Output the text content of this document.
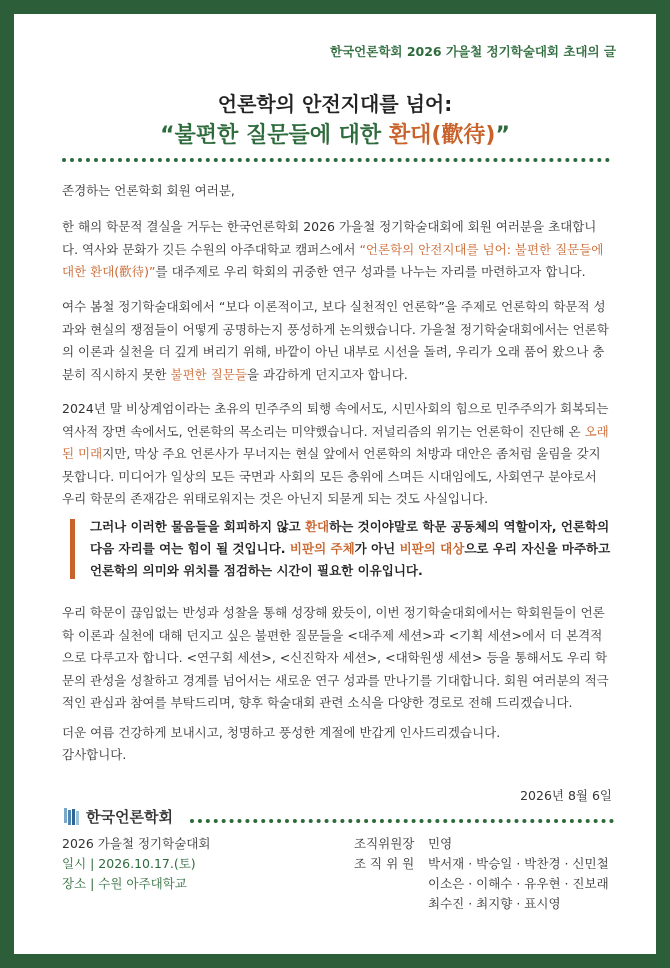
한국언론학회 2026 가을철 정기학술대회 초대의 글
언론학의 안전지대를 넘어:
“불편한 질문들에 대한 환대(歡待)”
존경하는 언론학회 회원 여러분,
한 해의 학문적 결실을 거두는 한국언론학회 2026 가을철 정기학술대회에 회원 여러분을 초대합니다. 역사와 문화가 깃든 수원의 아주대학교 캠퍼스에서 “언론학의 안전지대를 넘어: 불편한 질문들에 대한 환대(歡待)”를 대주제로 우리 학회의 귀중한 연구 성과를 나누는 자리를 마련하고자 합니다.
여수 봄철 정기학술대회에서 “보다 이론적이고, 보다 실천적인 언론학”을 주제로 언론학의 학문적 성과와 현실의 쟁점들이 어떻게 공명하는지 풍성하게 논의했습니다. 가을철 정기학술대회에서는 언론학의 이론과 실천을 더 깊게 벼리기 위해, 바깥이 아닌 내부로 시선을 돌려, 우리가 오래 품어 왔으나 충분히 직시하지 못한 불편한 질문들을 과감하게 던지고자 합니다.
2024년 말 비상계엄이라는 초유의 민주주의 퇴행 속에서도, 시민사회의 힘으로 민주주의가 회복되는 역사적 장면 속에서도, 언론학의 목소리는 미약했습니다. 저널리즘의 위기는 언론학이 진단해 온 오래된 미래지만, 막상 주요 언론사가 무너지는 현실 앞에서 언론학의 처방과 대안은 좀처럼 울림을 갖지 못합니다. 미디어가 일상의 모든 국면과 사회의 모든 층위에 스며든 시대임에도, 사회연구 분야로서 우리 학문의 존재감은 위태로워지는 것은 아닌지 되묻게 되는 것도 사실입니다.
그러나 이러한 물음들을 회피하지 않고 환대하는 것이야말로 학문 공동체의 역할이자, 언론학의 다음 자리를 여는 힘이 될 것입니다. 비판의 주체가 아닌 비판의 대상으로 우리 자신을 마주하고 언론학의 의미와 위치를 점검하는 시간이 필요한 이유입니다.
우리 학문이 끊임없는 반성과 성찰을 통해 성장해 왔듯이, 이번 정기학술대회에서는 학회원들이 언론학 이론과 실천에 대해 던지고 싶은 불편한 질문들을 <대주제 세션>과 <기획 세션>에서 더 본격적으로 다루고자 합니다. <연구회 세션>, <신진학자 세션>, <대학원생 세션> 등을 통해서도 우리 학문의 관성을 성찰하고 경계를 넘어서는 새로운 연구 성과를 만나기를 기대합니다. 회원 여러분의 적극적인 관심과 참여를 부탁드리며, 향후 학술대회 관련 소식을 다양한 경로로 전해 드리겠습니다.
더운 여름 건강하게 보내시고, 청명하고 풍성한 계절에 반갑게 인사드리겠습니다.
감사합니다.
2026년 8월 6일
한국언론학회
2026 가을철 정기학술대회
일시 | 2026.10.17.(토)
장소 | 수원 아주대학교
조직위원장	민영
조 직 위 원	박서재 · 박승일 · 박찬경 · 신민철
이소은 · 이해수 · 유우현 · 진보래
최수진 · 최지향 · 표시영
